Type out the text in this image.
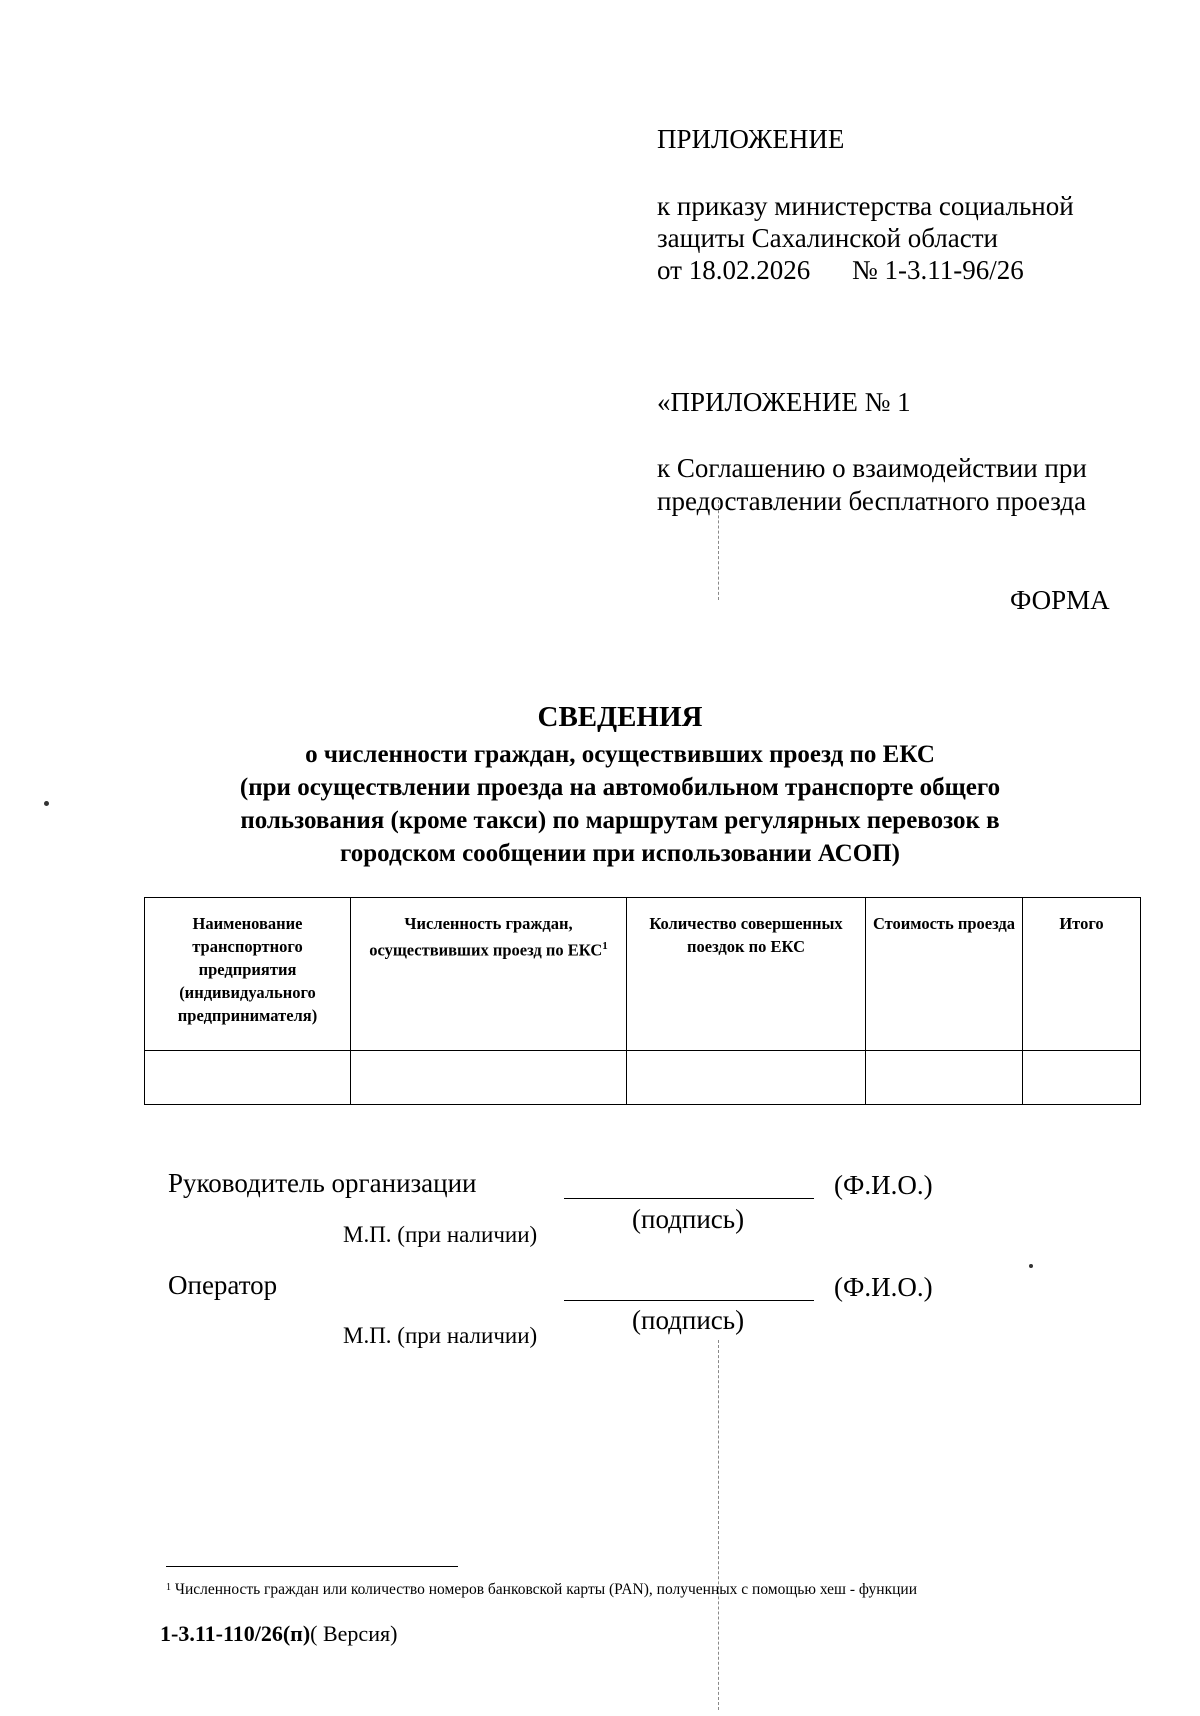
ПРИЛОЖЕНИЕ
к приказу министерства социальной
защиты Сахалинской области
от 18.02.2026 № 1-3.11-96/26
«ПРИЛОЖЕНИЕ № 1
к Соглашению о взаимодействии при
предоставлении бесплатного проезда
ФОРМА
СВЕДЕНИЯ
о численности граждан, осуществивших проезд по ЕКС
(при осуществлении проезда на автомобильном транспорте общего
пользования (кроме такси) по маршрутам регулярных перевозок в
городском сообщении при использовании АСОП)
Наименование транспортного предприятия (индивидуального предпринимателя)	Численность граждан, осуществивших проезд по ЕКС$^1$	Количество совершенных поездок по ЕКС	Стоимость проезда	Итого

Руководитель организации	(Ф.И.О.)
(подпись)
М.П. (при наличии)
Оператор	(Ф.И.О.)
(подпись)
М.П. (при наличии)
$^1$ Численность граждан или количество номеров банковской карты (PAN), полученных с помощью хеш - функции
1-3.11-110/26(п)( Версия)
